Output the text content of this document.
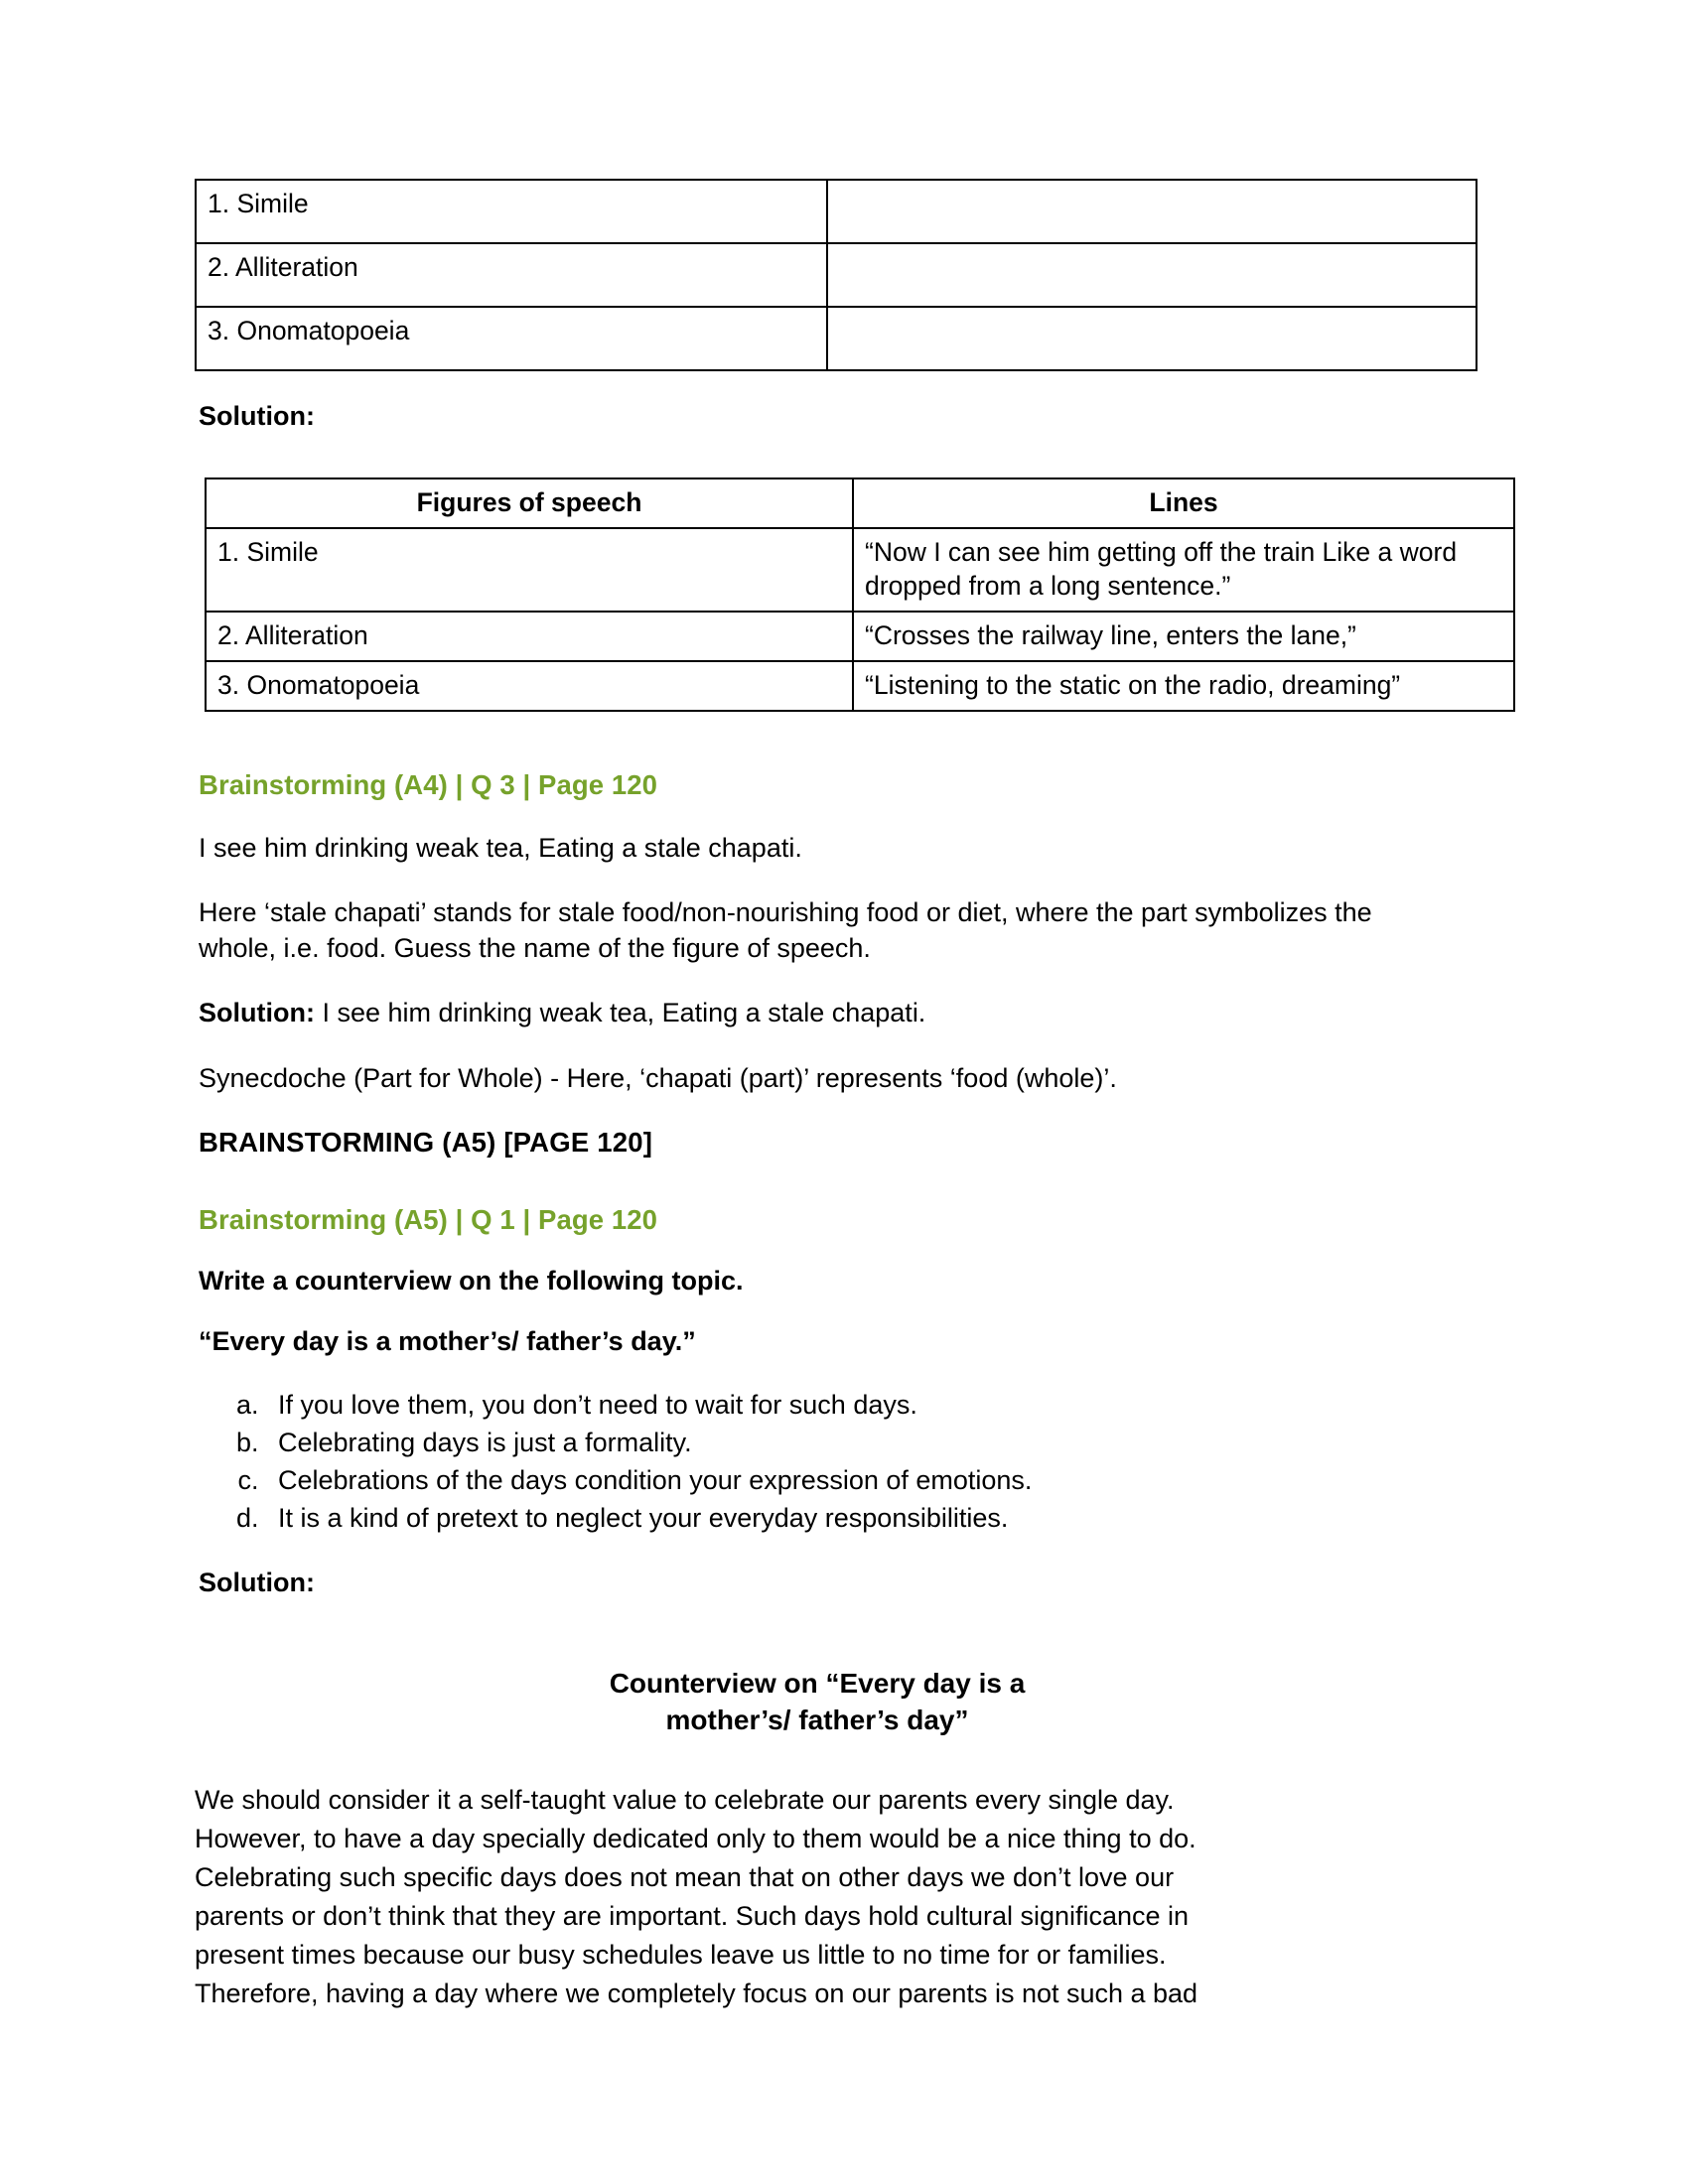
1. Simile	
2. Alliteration	
3. Onomatopoeia	
Solution:
Figures of speech	Lines
1. Simile	“Now I can see him getting off the train Like a word dropped from a long sentence.”
2. Alliteration	“Crosses the railway line, enters the lane,”
3. Onomatopoeia	“Listening to the static on the radio, dreaming”
Brainstorming (A4) | Q 3 | Page 120

I see him drinking weak tea, Eating a stale chapati.

Here ‘stale chapati’ stands for stale food/non-nourishing food or diet, where the part symbolizes the whole, i.e. food. Guess the name of the figure of speech.

Solution: I see him drinking weak tea, Eating a stale chapati.

Synecdoche (Part for Whole) - Here, ‘chapati (part)’ represents ‘food (whole)’.

BRAINSTORMING (A5) [PAGE 120]
Brainstorming (A5) | Q 1 | Page 120
Write a counterview on the following topic.
“Every day is a mother’s/ father’s day.”
a. If you love them, you don’t need to wait for such days.
b. Celebrating days is just a formality.
c. Celebrations of the days condition your expression of emotions.
d. It is a kind of pretext to neglect your everyday responsibilities.
Solution:
Counterview on “Every day is a
mother’s/ father’s day”
We should consider it a self-taught value to celebrate our parents every single day.
However, to have a day specially dedicated only to them would be a nice thing to do.
Celebrating such specific days does not mean that on other days we don’t love our
parents or don’t think that they are important. Such days hold cultural significance in
present times because our busy schedules leave us little to no time for or families.
Therefore, having a day where we completely focus on our parents is not such a bad
